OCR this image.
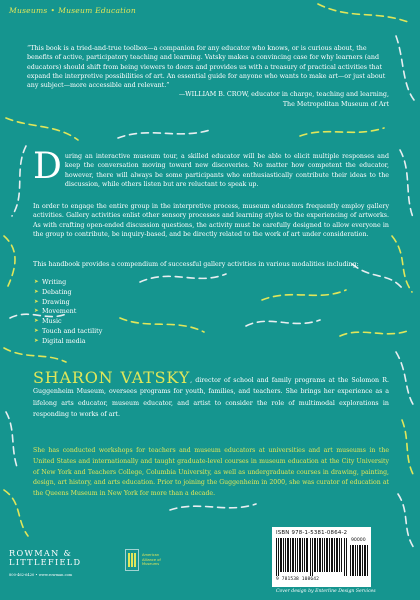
Museums • Museum Education

“This book is a tried-and-true toolbox—a companion for any educator who knows, or is curious about, the benefits of active, participatory teaching and learning. Vatsky makes a convincing case for why learners (and educators) should shift from being viewers to doers and provides us with a treasury of practical activities that expand the interpretive possibilities of art. An essential guide for anyone who wants to make art—or just about any subject—more accessible and relevant.”

—WILLIAM B. CROW, educator in charge, teaching and learning,
The Metropolitan Museum of Art

During an interactive museum tour, a skilled educator will be able to elicit multiple responses and keep the conversation moving toward new discoveries. No matter how competent the educator, however, there will always be some participants who enthusiastically contribute their ideas to the discussion, while others listen but are reluctant to speak up.
In order to engage the entire group in the interpretive process, museum educators frequently employ gallery activities. Gallery activities enlist other sensory processes and learning styles to the experiencing of artworks. As with crafting open-ended discussion questions, the activity must be carefully designed to allow everyone in the group to contribute, be inquiry-based, and be directly related to the work of art under consideration.
This handbook provides a compendium of successful gallery activities in various modalities including:
➤ Writing
➤ Debating
➤ Drawing
➤ Movement
➤ Music
➤ Touch and tactility
➤ Digital media
SHARON VATSKY, director of school and family programs at the Solomon R. Guggenheim Museum, oversees programs for youth, families, and teachers. She brings her experience as a lifelong arts educator, museum educator, and artist to consider the role of multimodal explorations in responding to works of art.
She has conducted workshops for teachers and museum educators at universities and art museums in the United States and internationally and taught graduate-level courses in museum education at the City University of New York and Teachers College, Columbia University, as well as undergraduate courses in drawing, painting, design, art history, and arts education. Prior to joining the Guggenheim in 2000, she was curator of education at the Queens Museum in New York for more than a decade.
ROWMAN &
LITTLEFIELD
800-462-6420 • www.rowman.com
American
Alliance of
Museums
ISBN 978-1-5381-0864-2
90000
9 781538 108642
Cover design by Enterline Design Services
